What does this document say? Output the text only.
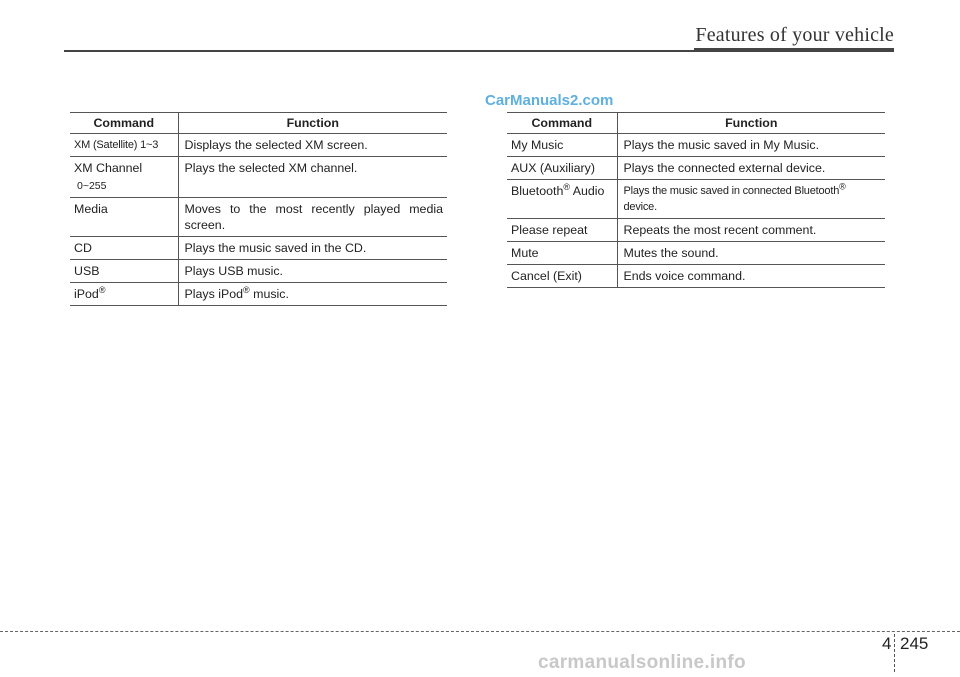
Features of your vehicle
CarManuals2.com
Command	Function
XM (Satellite) 1~3	Displays the selected XM screen.
XM Channel
0~255	Plays the selected XM channel.
Media	Moves to the most recently played media screen.
CD	Plays the music saved in the CD.
USB	Plays USB music.
iPod®	Plays iPod® music.
Command	Function
My Music	Plays the music saved in My Music.
AUX (Auxiliary)	Plays the connected external device.
Bluetooth® Audio	Plays the music saved in connected Bluetooth®
device.
Please repeat	Repeats the most recent comment.
Mute	Mutes the sound.
Cancel (Exit)	Ends voice command.
4 245
carmanualsonline.info
